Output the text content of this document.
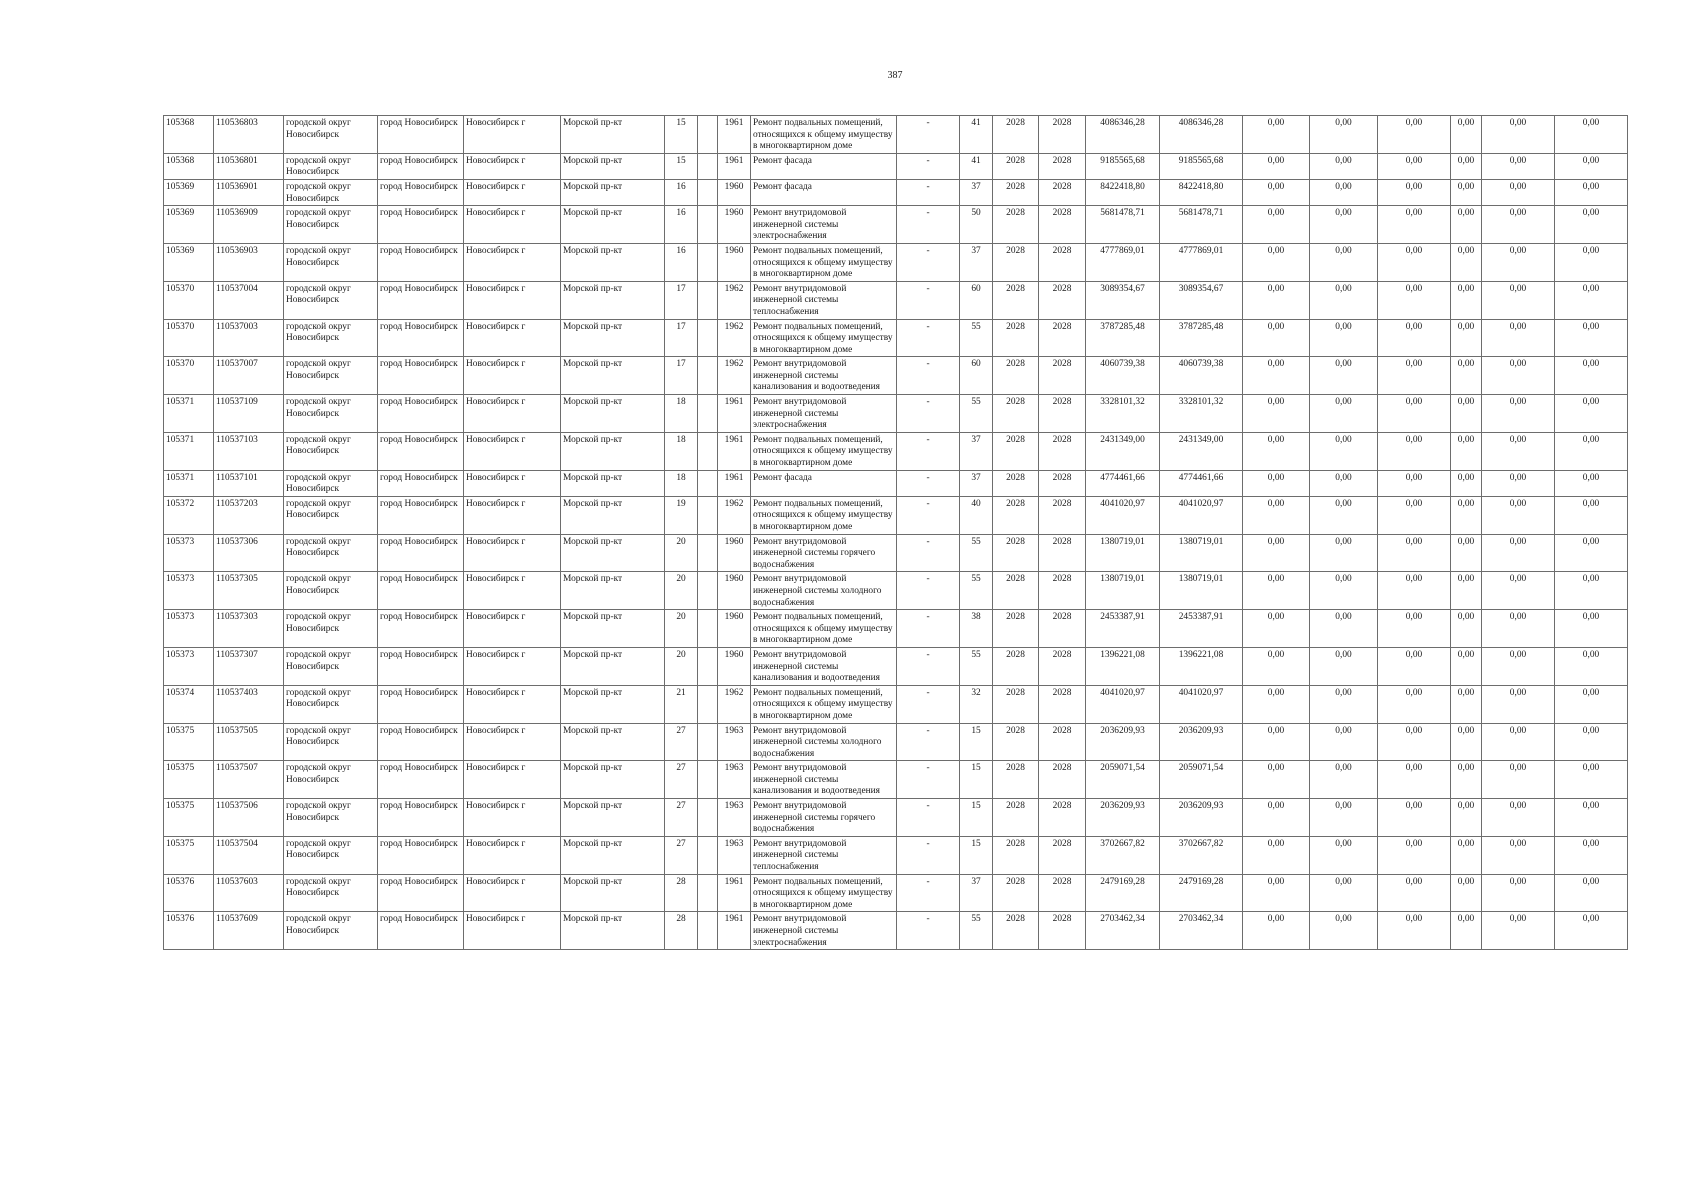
387
105368	110536803	городской округ Новосибирск	город Новосибирск	Новосибирск г	Морской пр-кт	15		1961	Ремонт подвальных помещений, относящихся к общему имуществу в многоквартирном доме	-	41	2028	2028	4086346,28	4086346,28	0,00	0,00	0,00	0,00	0,00	0,00
105368	110536801	городской округ Новосибирск	город Новосибирск	Новосибирск г	Морской пр-кт	15		1961	Ремонт фасада	-	41	2028	2028	9185565,68	9185565,68	0,00	0,00	0,00	0,00	0,00	0,00
105369	110536901	городской округ Новосибирск	город Новосибирск	Новосибирск г	Морской пр-кт	16		1960	Ремонт фасада	-	37	2028	2028	8422418,80	8422418,80	0,00	0,00	0,00	0,00	0,00	0,00
105369	110536909	городской округ Новосибирск	город Новосибирск	Новосибирск г	Морской пр-кт	16		1960	Ремонт внутридомовой инженерной системы электроснабжения	-	50	2028	2028	5681478,71	5681478,71	0,00	0,00	0,00	0,00	0,00	0,00
105369	110536903	городской округ Новосибирск	город Новосибирск	Новосибирск г	Морской пр-кт	16		1960	Ремонт подвальных помещений, относящихся к общему имуществу в многоквартирном доме	-	37	2028	2028	4777869,01	4777869,01	0,00	0,00	0,00	0,00	0,00	0,00
105370	110537004	городской округ Новосибирск	город Новосибирск	Новосибирск г	Морской пр-кт	17		1962	Ремонт внутридомовой инженерной системы теплоснабжения	-	60	2028	2028	3089354,67	3089354,67	0,00	0,00	0,00	0,00	0,00	0,00
105370	110537003	городской округ Новосибирск	город Новосибирск	Новосибирск г	Морской пр-кт	17		1962	Ремонт подвальных помещений, относящихся к общему имуществу в многоквартирном доме	-	55	2028	2028	3787285,48	3787285,48	0,00	0,00	0,00	0,00	0,00	0,00
105370	110537007	городской округ Новосибирск	город Новосибирск	Новосибирск г	Морской пр-кт	17		1962	Ремонт внутридомовой инженерной системы канализования и водоотведения	-	60	2028	2028	4060739,38	4060739,38	0,00	0,00	0,00	0,00	0,00	0,00
105371	110537109	городской округ Новосибирск	город Новосибирск	Новосибирск г	Морской пр-кт	18		1961	Ремонт внутридомовой инженерной системы электроснабжения	-	55	2028	2028	3328101,32	3328101,32	0,00	0,00	0,00	0,00	0,00	0,00
105371	110537103	городской округ Новосибирск	город Новосибирск	Новосибирск г	Морской пр-кт	18		1961	Ремонт подвальных помещений, относящихся к общему имуществу в многоквартирном доме	-	37	2028	2028	2431349,00	2431349,00	0,00	0,00	0,00	0,00	0,00	0,00
105371	110537101	городской округ Новосибирск	город Новосибирск	Новосибирск г	Морской пр-кт	18		1961	Ремонт фасада	-	37	2028	2028	4774461,66	4774461,66	0,00	0,00	0,00	0,00	0,00	0,00
105372	110537203	городской округ Новосибирск	город Новосибирск	Новосибирск г	Морской пр-кт	19		1962	Ремонт подвальных помещений, относящихся к общему имуществу в многоквартирном доме	-	40	2028	2028	4041020,97	4041020,97	0,00	0,00	0,00	0,00	0,00	0,00
105373	110537306	городской округ Новосибирск	город Новосибирск	Новосибирск г	Морской пр-кт	20		1960	Ремонт внутридомовой инженерной системы горячего водоснабжения	-	55	2028	2028	1380719,01	1380719,01	0,00	0,00	0,00	0,00	0,00	0,00
105373	110537305	городской округ Новосибирск	город Новосибирск	Новосибирск г	Морской пр-кт	20		1960	Ремонт внутридомовой инженерной системы холодного водоснабжения	-	55	2028	2028	1380719,01	1380719,01	0,00	0,00	0,00	0,00	0,00	0,00
105373	110537303	городской округ Новосибирск	город Новосибирск	Новосибирск г	Морской пр-кт	20		1960	Ремонт подвальных помещений, относящихся к общему имуществу в многоквартирном доме	-	38	2028	2028	2453387,91	2453387,91	0,00	0,00	0,00	0,00	0,00	0,00
105373	110537307	городской округ Новосибирск	город Новосибирск	Новосибирск г	Морской пр-кт	20		1960	Ремонт внутридомовой инженерной системы канализования и водоотведения	-	55	2028	2028	1396221,08	1396221,08	0,00	0,00	0,00	0,00	0,00	0,00
105374	110537403	городской округ Новосибирск	город Новосибирск	Новосибирск г	Морской пр-кт	21		1962	Ремонт подвальных помещений, относящихся к общему имуществу в многоквартирном доме	-	32	2028	2028	4041020,97	4041020,97	0,00	0,00	0,00	0,00	0,00	0,00
105375	110537505	городской округ Новосибирск	город Новосибирск	Новосибирск г	Морской пр-кт	27		1963	Ремонт внутридомовой инженерной системы холодного водоснабжения	-	15	2028	2028	2036209,93	2036209,93	0,00	0,00	0,00	0,00	0,00	0,00
105375	110537507	городской округ Новосибирск	город Новосибирск	Новосибирск г	Морской пр-кт	27		1963	Ремонт внутридомовой инженерной системы канализования и водоотведения	-	15	2028	2028	2059071,54	2059071,54	0,00	0,00	0,00	0,00	0,00	0,00
105375	110537506	городской округ Новосибирск	город Новосибирск	Новосибирск г	Морской пр-кт	27		1963	Ремонт внутридомовой инженерной системы горячего водоснабжения	-	15	2028	2028	2036209,93	2036209,93	0,00	0,00	0,00	0,00	0,00	0,00
105375	110537504	городской округ Новосибирск	город Новосибирск	Новосибирск г	Морской пр-кт	27		1963	Ремонт внутридомовой инженерной системы теплоснабжения	-	15	2028	2028	3702667,82	3702667,82	0,00	0,00	0,00	0,00	0,00	0,00
105376	110537603	городской округ Новосибирск	город Новосибирск	Новосибирск г	Морской пр-кт	28		1961	Ремонт подвальных помещений, относящихся к общему имуществу в многоквартирном доме	-	37	2028	2028	2479169,28	2479169,28	0,00	0,00	0,00	0,00	0,00	0,00
105376	110537609	городской округ Новосибирск	город Новосибирск	Новосибирск г	Морской пр-кт	28		1961	Ремонт внутридомовой инженерной системы электроснабжения	-	55	2028	2028	2703462,34	2703462,34	0,00	0,00	0,00	0,00	0,00	0,00
